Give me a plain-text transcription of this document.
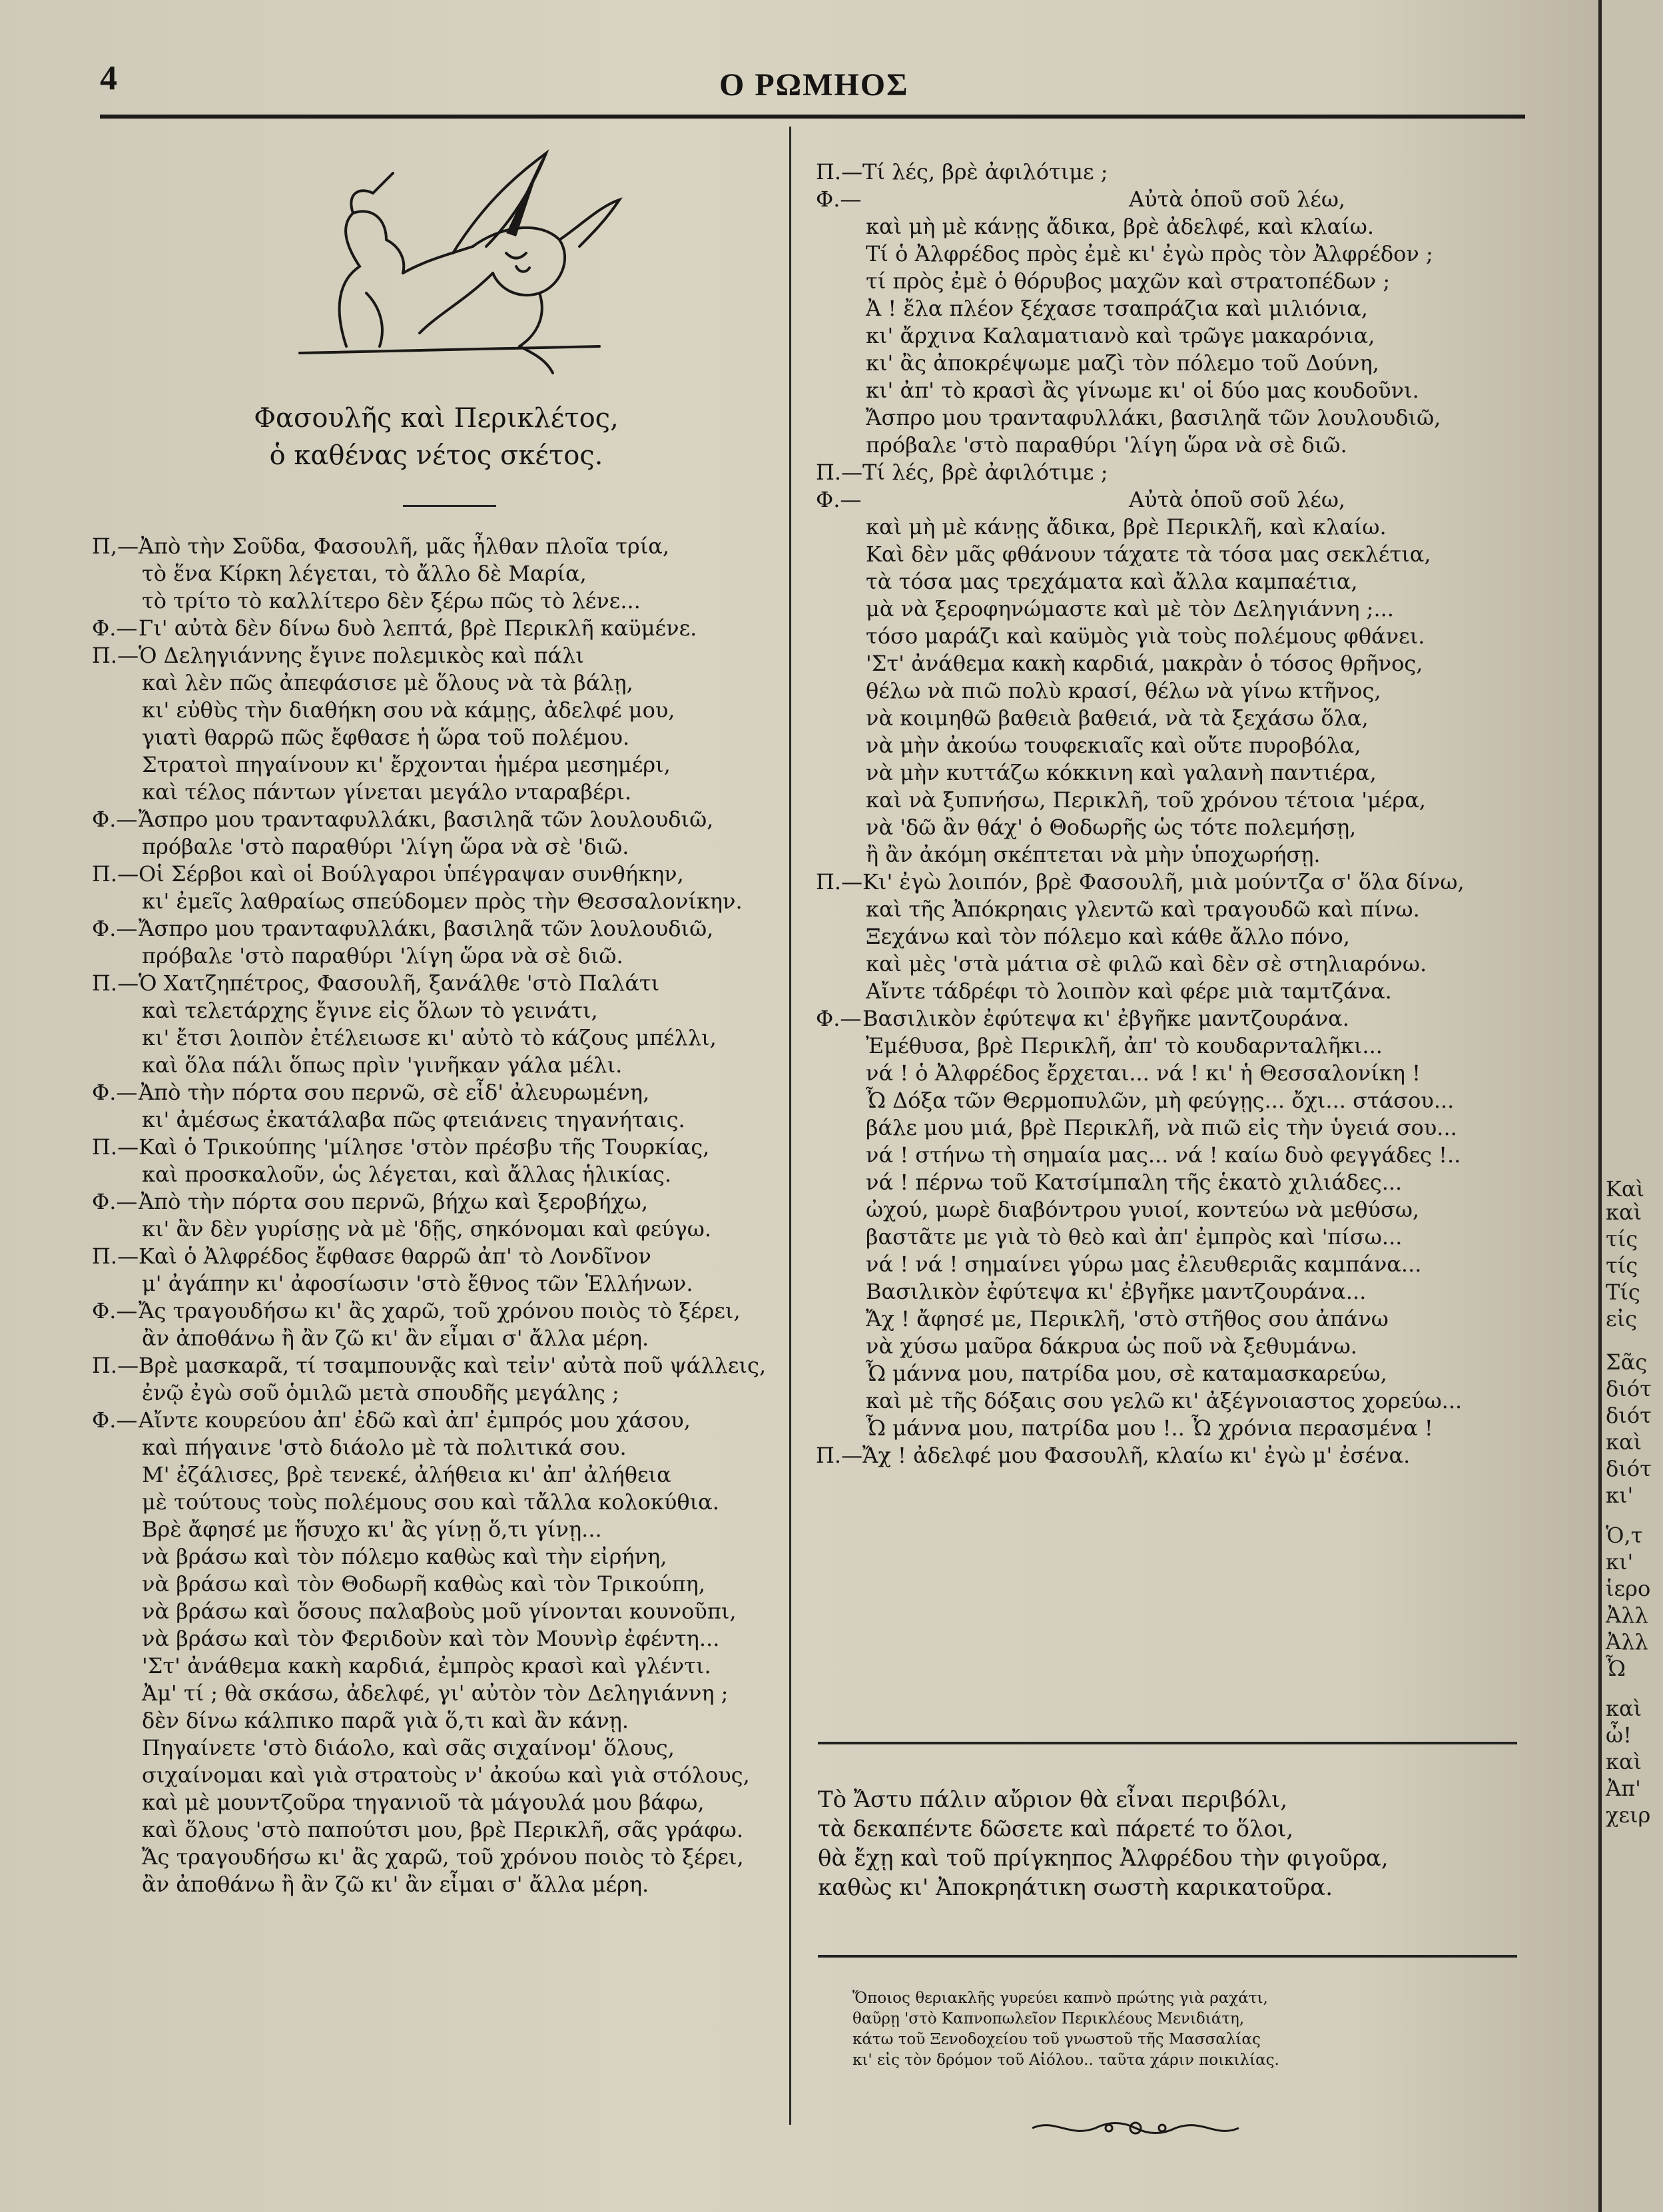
4	Ο ΡΩΜΗΟΣ
Φασουλῆς καὶ Περικλέτος,
ὁ καθένας νέτος σκέτος.
Π,—Ἀπὸ τὴν Σοῦδα, Φασουλῆ, μᾶς ἦλθαν πλοῖα τρία,
τὸ ἕνα Κίρκη λέγεται, τὸ ἄλλο δὲ Μαρία,
τὸ τρίτο τὸ καλλίτερο δὲν ξέρω πῶς τὸ λένε...
Φ.—Γι' αὐτὰ δὲν δίνω δυὸ λεπτά, βρὲ Περικλῆ καϋμένε.
Π.—Ὁ Δεληγιάννης ἔγινε πολεμικὸς καὶ πάλι
καὶ λὲν πῶς ἀπεφάσισε μὲ ὅλους νὰ τὰ βάλῃ,
κι' εὐθὺς τὴν διαθήκη σου νὰ κάμῃς, ἀδελφέ μου,
γιατὶ θαρρῶ πῶς ἔφθασε ἡ ὥρα τοῦ πολέμου.
Στρατοὶ πηγαίνουν κι' ἔρχονται ἡμέρα μεσημέρι,
καὶ τέλος πάντων γίνεται μεγάλο νταραβέρι.
Φ.—Ἄσπρο μου τρανταφυλλάκι, βασιληᾶ τῶν λουλουδιῶ,
πρόβαλε 'στὸ παραθύρι 'λίγη ὥρα νὰ σὲ 'διῶ.
Π.—Οἱ Σέρβοι καὶ οἱ Βούλγαροι ὑπέγραψαν συνθήκην,
κι' ἐμεῖς λαθραίως σπεύδομεν πρὸς τὴν Θεσσαλονίκην.
Φ.—Ἄσπρο μου τρανταφυλλάκι, βασιληᾶ τῶν λουλουδιῶ,
πρόβαλε 'στὸ παραθύρι 'λίγη ὥρα νὰ σὲ διῶ.
Π.—Ὁ Χατζηπέτρος, Φασουλῆ, ξανάλθε 'στὸ Παλάτι
καὶ τελετάρχης ἔγινε εἰς ὅλων τὸ γεινάτι,
κι' ἔτσι λοιπὸν ἐτέλειωσε κι' αὐτὸ τὸ κάζους μπέλλι,
καὶ ὅλα πάλι ὅπως πρὶν 'γινῆκαν γάλα μέλι.
Φ.—Ἀπὸ τὴν πόρτα σου περνῶ, σὲ εἶδ' ἀλευρωμένη,
κι' ἀμέσως ἐκατάλαβα πῶς φτειάνεις τηγανήταις.
Π.—Καὶ ὁ Τρικούπης 'μίλησε 'στὸν πρέσβυ τῆς Τουρκίας,
καὶ προσκαλοῦν, ὡς λέγεται, καὶ ἄλλας ἡλικίας.
Φ.—Ἀπὸ τὴν πόρτα σου περνῶ, βήχω καὶ ξεροβήχω,
κι' ἂν δὲν γυρίσῃς νὰ μὲ 'δῇς, σηκόνομαι καὶ φεύγω.
Π.—Καὶ ὁ Ἀλφρέδος ἔφθασε θαρρῶ ἀπ' τὸ Λονδῖνον
μ' ἀγάπην κι' ἀφοσίωσιν 'στὸ ἔθνος τῶν Ἑλλήνων.
Φ.—Ἄς τραγουδήσω κι' ἂς χαρῶ, τοῦ χρόνου ποιὸς τὸ ξέρει,
ἂν ἀποθάνω ἢ ἂν ζῶ κι' ἂν εἶμαι σ' ἄλλα μέρη.
Π.—Βρὲ μασκαρᾶ, τί τσαμπουνᾷς καὶ τεἰν' αὐτὰ ποῦ ψάλλεις,
ἐνῷ ἐγὼ σοῦ ὁμιλῶ μετὰ σπουδῆς μεγάλης ;
Φ.—Αἴντε κουρεύου ἀπ' ἐδῶ καὶ ἀπ' ἐμπρός μου χάσου,
καὶ πήγαινε 'στὸ διάολο μὲ τὰ πολιτικά σου.
Μ' ἐζάλισες, βρὲ τενεκέ, ἀλήθεια κι' ἀπ' ἀλήθεια
μὲ τούτους τοὺς πολέμους σου καὶ τἄλλα κολοκύθια.
Βρὲ ἄφησέ με ἥσυχο κι' ἂς γίνῃ ὅ,τι γίνῃ...
νὰ βράσω καὶ τὸν πόλεμο καθὼς καὶ τὴν εἰρήνη,
νὰ βράσω καὶ τὸν Θοδωρῆ καθὼς καὶ τὸν Τρικούπη,
νὰ βράσω καὶ ὅσους παλαβοὺς μοῦ γίνονται κουνοῦπι,
νὰ βράσω καὶ τὸν Φεριδοὺν καὶ τὸν Μουνὶρ ἐφέντη...
'Στ' ἀνάθεμα κακὴ καρδιά, ἐμπρὸς κρασὶ καὶ γλέντι.
Ἀμ' τί ; θὰ σκάσω, ἀδελφέ, γι' αὐτὸν τὸν Δεληγιάννη ;
δὲν δίνω κάλπικο παρᾶ γιὰ ὅ,τι καὶ ἂν κάνῃ.
Πηγαίνετε 'στὸ διάολο, καὶ σᾶς σιχαίνομ' ὅλους,
σιχαίνομαι καὶ γιὰ στρατοὺς ν' ἀκούω καὶ γιὰ στόλους,
καὶ μὲ μουντζοῦρα τηγανιοῦ τὰ μάγουλά μου βάφω,
καὶ ὅλους 'στὸ παπούτσι μου, βρὲ Περικλῆ, σᾶς γράφω.
Ἄς τραγουδήσω κι' ἂς χαρῶ, τοῦ χρόνου ποιὸς τὸ ξέρει,
ἂν ἀποθάνω ἢ ἂν ζῶ κι' ἂν εἶμαι σ' ἄλλα μέρη.
Π.—Τί λές, βρὲ ἀφιλότιμε ;
Φ.—	Αὐτὰ ὁποῦ σοῦ λέω,
καὶ μὴ μὲ κάνῃς ἄδικα, βρὲ ἀδελφέ, καὶ κλαίω.
Τί ὁ Ἀλφρέδος πρὸς ἐμὲ κι' ἐγὼ πρὸς τὸν Ἀλφρέδον ;
τί πρὸς ἐμὲ ὁ θόρυβος μαχῶν καὶ στρατοπέδων ;
Ἀ ! ἔλα πλέον ξέχασε τσαπράζια καὶ μιλιόνια,
κι' ἄρχινα Καλαματιανὸ καὶ τρῶγε μακαρόνια,
κι' ἂς ἀποκρέψωμε μαζὶ τὸν πόλεμο τοῦ Δούνη,
κι' ἀπ' τὸ κρασὶ ἂς γίνωμε κι' οἱ δύο μας κουδοῦνι.
Ἄσπρο μου τρανταφυλλάκι, βασιληᾶ τῶν λουλουδιῶ,
πρόβαλε 'στὸ παραθύρι 'λίγη ὥρα νὰ σὲ διῶ.
Π.—Τί λές, βρὲ ἀφιλότιμε ;
Φ.—	Αὐτὰ ὁποῦ σοῦ λέω,
καὶ μὴ μὲ κάνῃς ἄδικα, βρὲ Περικλῆ, καὶ κλαίω.
Καὶ δὲν μᾶς φθάνουν τάχατε τὰ τόσα μας σεκλέτια,
τὰ τόσα μας τρεχάματα καὶ ἄλλα καμπαέτια,
μὰ νὰ ξεροφηνώμαστε καὶ μὲ τὸν Δεληγιάννη ;...
τόσο μαράζι καὶ καϋμὸς γιὰ τοὺς πολέμους φθάνει.
'Στ' ἀνάθεμα κακὴ καρδιά, μακρὰν ὁ τόσος θρῆνος,
θέλω νὰ πιῶ πολὺ κρασί, θέλω νὰ γίνω κτῆνος,
νὰ κοιμηθῶ βαθειὰ βαθειά, νὰ τὰ ξεχάσω ὅλα,
νὰ μὴν ἀκούω τουφεκιαῖς καὶ οὔτε πυροβόλα,
νὰ μὴν κυττάζω κόκκινη καὶ γαλανὴ παντιέρα,
καὶ νὰ ξυπνήσω, Περικλῆ, τοῦ χρόνου τέτοια 'μέρα,
νὰ 'δῶ ἂν θάχ' ὁ Θοδωρῆς ὡς τότε πολεμήσῃ,
ἢ ἂν ἀκόμη σκέπτεται νὰ μὴν ὑποχωρήσῃ.
Π.—Κι' ἐγὼ λοιπόν, βρὲ Φασουλῆ, μιὰ μούντζα σ' ὅλα δίνω,
καὶ τῆς Ἀπόκρηαις γλεντῶ καὶ τραγουδῶ καὶ πίνω.
Ξεχάνω καὶ τὸν πόλεμο καὶ κάθε ἄλλο πόνο,
καὶ μὲς 'στὰ μάτια σὲ φιλῶ καὶ δὲν σὲ στηλιαρόνω.
Αἴντε τάδρέφι τὸ λοιπὸν καὶ φέρε μιὰ ταμτζάνα.
Φ.—Βασιλικὸν ἐφύτεψα κι' ἐβγῆκε μαντζουράνα.
Ἐμέθυσα, βρὲ Περικλῆ, ἀπ' τὸ κουδαρνταλῆκι...
νά ! ὁ Ἀλφρέδος ἔρχεται... νά ! κι' ἡ Θεσσαλονίκη !
Ὦ Δόξα τῶν Θερμοπυλῶν, μὴ φεύγῃς... ὄχι... στάσου...
βάλε μου μιά, βρὲ Περικλῆ, νὰ πιῶ εἰς τὴν ὑγειά σου...
νά ! στήνω τὴ σημαία μας... νά ! καίω δυὸ φεγγάδες !..
νά ! πέρνω τοῦ Κατσίμπαλη τῆς ἑκατὸ χιλιάδες...
ὠχού, μωρὲ διαβόντρου γυιοί, κοντεύω νὰ μεθύσω,
βαστᾶτε με γιὰ τὸ θεὸ καὶ ἀπ' ἐμπρὸς καὶ 'πίσω...
νά ! νά ! σημαίνει γύρω μας ἐλευθεριᾶς καμπάνα...
Βασιλικὸν ἐφύτεψα κι' ἐβγῆκε μαντζουράνα...
Ἄχ ! ἄφησέ με, Περικλῆ, 'στὸ στῆθος σου ἀπάνω
νὰ χύσω μαῦρα δάκρυα ὡς ποῦ νὰ ξεθυμάνω.
Ὦ μάννα μου, πατρίδα μου, σὲ καταμασκαρεύω,
καὶ μὲ τῆς δόξαις σου γελῶ κι' ἀξέγνοιαστος χορεύω...
Ὦ μάννα μου, πατρίδα μου !.. Ὦ χρόνια περασμένα !
Π.—Ἄχ ! ἀδελφέ μου Φασουλῆ, κλαίω κι' ἐγὼ μ' ἐσένα.
Τὸ Ἄστυ πάλιν αὔριον θὰ εἶναι περιβόλι,
τὰ δεκαπέντε δῶσετε καὶ πάρετέ το ὅλοι,
θὰ ἔχῃ καὶ τοῦ πρίγκηπος Ἀλφρέδου τὴν φιγοῦρα,
καθὼς κι' Ἀποκρηάτικη σωστὴ καρικατοῦρα.
Ὅποιος θεριακλῆς γυρεύει καπνὸ πρώτης γιὰ ραχάτι,
θαῦρῃ 'στὸ Καπνοπωλεῖον Περικλέους Μενιδιάτη,
κάτω τοῦ Ξενοδοχείου τοῦ γνωστοῦ τῆς Μασσαλίας
κι' εἰς τὸν δρόμον τοῦ Αἰόλου.. ταῦτα χάριν ποικιλίας.
Καὶ
καὶ
τίς
τίς
Τίς
εἰς
Σᾶς
διότ
διότ
καὶ
διότ
κι'
Ὁ,τ
κι'
ἱερο
Ἀλλ
Ἀλλ
Ὦ
καὶ
ὦ!
καὶ
Ἀπ'
χειρ
